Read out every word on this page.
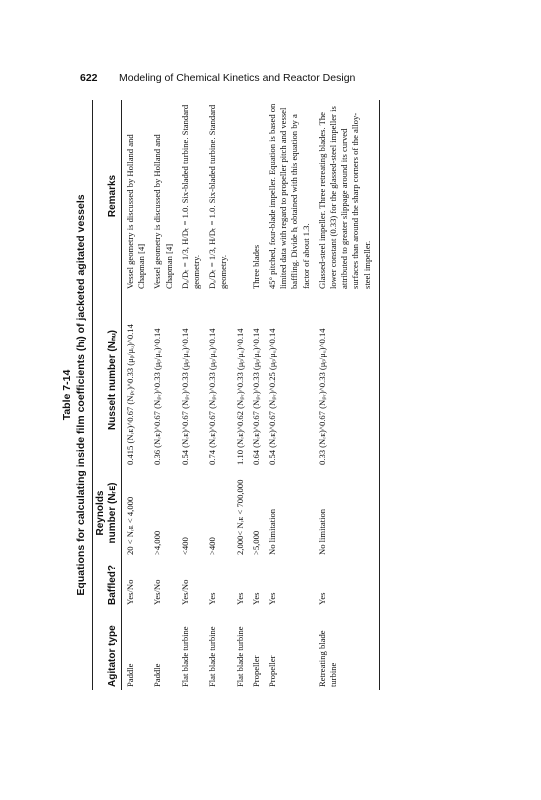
622 Modeling of Chemical Kinetics and Reactor Design
Table 7-14 Equations for calculating inside film coefficients (hᵢ) of jacketed agitated vessels
Agitator type	Baffled?	Reynolds number (Nᵣᴇ)	Nusselt number (Nₙᵤ)	Remarks
Paddle	Yes/No	20 < Nᵣᴇ < 4,000	0.415 (Nᵣᴇ)^0.67 (Nₚᵣ)^0.33 (μᵦ/μᵤ)^0.14	Vessel geometry is discussed by Holland and Chapman [4]
Paddle	Yes/No	>4,000	0.36 (Nᵣᴇ)^0.67 (Nₚᵣ)^0.33 (μᵦ/μᵤ)^0.14	Vessel geometry is discussed by Holland and Chapman [4]
Flat blade turbine	Yes/No	<400	0.54 (Nᵣᴇ)^0.67 (Nₚᵣ)^0.33 (μᵦ/μᵤ)^0.14	Dₐ/Dₜ = 1/3, H/Dₜ = 1.0. Six-bladed turbine. Standard geometry.
Flat blade turbine	Yes	>400	0.74 (Nᵣᴇ)^0.67 (Nₚᵣ)^0.33 (μᵦ/μᵤ)^0.14	Dₐ/Dₜ = 1/3, H/Dₜ = 1.0. Six-bladed turbine. Standard geometry.
Flat blade turbine	Yes	2,000< Nᵣᴇ < 700,000	1.10 (Nᵣᴇ)^0.62 (Nₚᵣ)^0.33 (μᵦ/μᵤ)^0.14	
Propeller	Yes	>5,000	0.64 (Nᵣᴇ)^0.67 (Nₚᵣ)^0.33 (μᵦ/μᵤ)^0.14	Three blades
Propeller	Yes	No limitation	0.54 (Nᵣᴇ)^0.67 (Nₚᵣ)^0.25 (μᵦ/μᵤ)^0.14	45° pitched, four-blade impeller. Equation is based on limited data with regard to propeller pitch and vessel baffling. Divide hᵢ obtained with this equation by a factor of about 1.3.
Retreating blade turbine	Yes	No limitation	0.33 (Nᵣᴇ)^0.67 (Nₚᵣ)^0.33 (μᵦ/μᵤ)^0.14	Glassed-steel impeller. Three retreating blades. The lower constant (0.33) for the glassed-steel impeller is attributed to greater slippage around its curved surfaces than around the sharp corners of the alloy-steel impeller.
